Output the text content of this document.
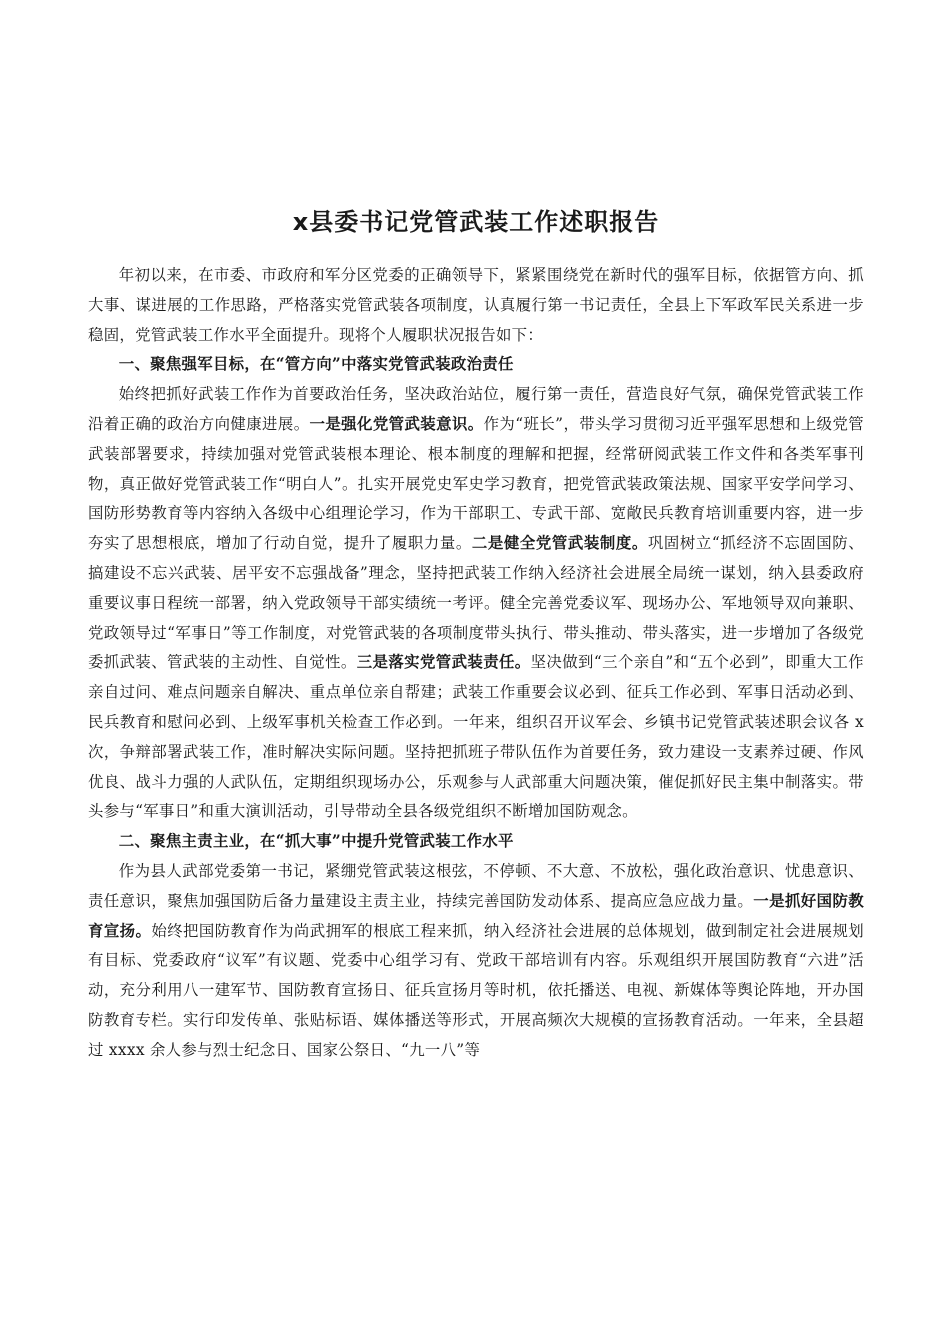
x县委书记党管武装工作述职报告

年初以来，在市委、市政府和军分区党委的正确领导下，紧紧围绕党在新时代的强军目标，依据管方向、抓大事、谋进展的工作思路，严格落实党管武装各项制度，认真履行第一书记责任，全县上下军政军民关系进一步稳固，党管武装工作水平全面提升。现将个人履职状况报告如下：

一、聚焦强军目标，在“管方向”中落实党管武装政治责任

始终把抓好武装工作作为首要政治任务，坚决政治站位，履行第一责任，营造良好气氛，确保党管武装工作沿着正确的政治方向健康进展。一是强化党管武装意识。作为“班长”，带头学习贯彻习近平强军思想和上级党管武装部署要求，持续加强对党管武装根本理论、根本制度的理解和把握，经常研阅武装工作文件和各类军事刊物，真正做好党管武装工作“明白人”。扎实开展党史军史学习教育，把党管武装政策法规、国家平安学问学习、国防形势教育等内容纳入各级中心组理论学习，作为干部职工、专武干部、宽敞民兵教育培训重要内容，进一步夯实了思想根底，增加了行动自觉，提升了履职力量。二是健全党管武装制度。巩固树立“抓经济不忘固国防、搞建设不忘兴武装、居平安不忘强战备”理念，坚持把武装工作纳入经济社会进展全局统一谋划，纳入县委政府重要议事日程统一部署，纳入党政领导干部实绩统一考评。健全完善党委议军、现场办公、军地领导双向兼职、党政领导过“军事日”等工作制度，对党管武装的各项制度带头执行、带头推动、带头落实，进一步增加了各级党委抓武装、管武装的主动性、自觉性。三是落实党管武装责任。坚决做到“三个亲自”和“五个必到”，即重大工作亲自过问、难点问题亲自解决、重点单位亲自帮建；武装工作重要会议必到、征兵工作必到、军事日活动必到、民兵教育和慰问必到、上级军事机关检查工作必到。一年来，组织召开议军会、乡镇书记党管武装述职会议各 x 次，争辩部署武装工作，准时解决实际问题。坚持把抓班子带队伍作为首要任务，致力建设一支素养过硬、作风优良、战斗力强的人武队伍，定期组织现场办公，乐观参与人武部重大问题决策，催促抓好民主集中制落实。带头参与“军事日”和重大演训活动，引导带动全县各级党组织不断增加国防观念。

二、聚焦主责主业，在“抓大事”中提升党管武装工作水平

作为县人武部党委第一书记，紧绷党管武装这根弦，不停顿、不大意、不放松，强化政治意识、忧患意识、责任意识，聚焦加强国防后备力量建设主责主业，持续完善国防发动体系、提高应急应战力量。一是抓好国防教育宣扬。始终把国防教育作为尚武拥军的根底工程来抓，纳入经济社会进展的总体规划，做到制定社会进展规划有目标、党委政府“议军”有议题、党委中心组学习有、党政干部培训有内容。乐观组织开展国防教育“六进”活动，充分利用八一建军节、国防教育宣扬日、征兵宣扬月等时机，依托播送、电视、新媒体等舆论阵地，开办国防教育专栏。实行印发传单、张贴标语、媒体播送等形式，开展高频次大规模的宣扬教育活动。一年来，全县超过 xxxx 余人参与烈士纪念日、国家公祭日、“九一八”等
